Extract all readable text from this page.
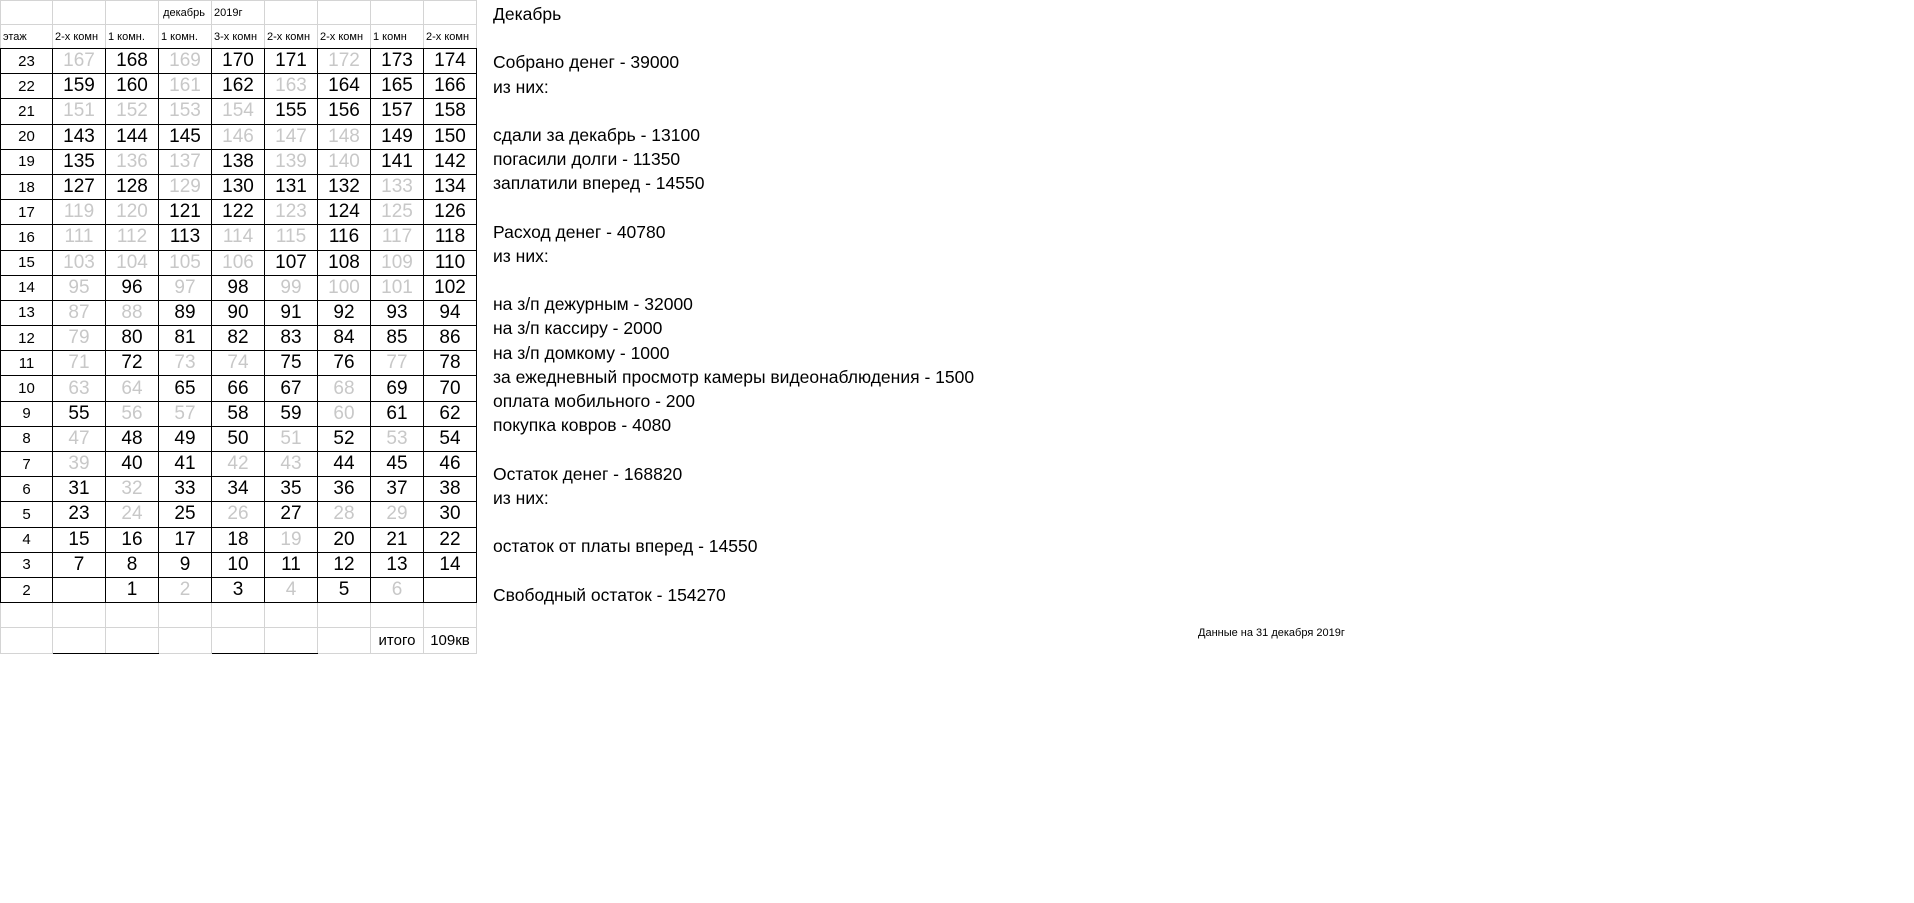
			декабрь	2019г				
этаж	2-х комн	1 комн.	1 комн.	3-х комн	2-х комн	2-х комн	1 комн	2-х комн
23	167	168	169	170	171	172	173	174
22	159	160	161	162	163	164	165	166
21	151	152	153	154	155	156	157	158
20	143	144	145	146	147	148	149	150
19	135	136	137	138	139	140	141	142
18	127	128	129	130	131	132	133	134
17	119	120	121	122	123	124	125	126
16	111	112	113	114	115	116	117	118
15	103	104	105	106	107	108	109	110
14	95	96	97	98	99	100	101	102
13	87	88	89	90	91	92	93	94
12	79	80	81	82	83	84	85	86
11	71	72	73	74	75	76	77	78
10	63	64	65	66	67	68	69	70
9	55	56	57	58	59	60	61	62
8	47	48	49	50	51	52	53	54
7	39	40	41	42	43	44	45	46
6	31	32	33	34	35	36	37	38
5	23	24	25	26	27	28	29	30
4	15	16	17	18	19	20	21	22
3	7	8	9	10	11	12	13	14
2		1	2	3	4	5	6	

							итого	109кв
Декабрь
Собрано денег - 39000
из них:
сдали за декабрь - 13100
погасили долги - 11350
заплатили вперед - 14550
Расход денег - 40780
из них:
на з/п дежурным - 32000
на з/п кассиру - 2000
на з/п домкому - 1000
за ежедневный просмотр камеры видеонаблюдения - 1500
оплата мобильного - 200
покупка ковров - 4080
Остаток денег - 168820
из них:
остаток от платы вперед - 14550
Свободный остаток - 154270
Данные на 31 декабря 2019г
